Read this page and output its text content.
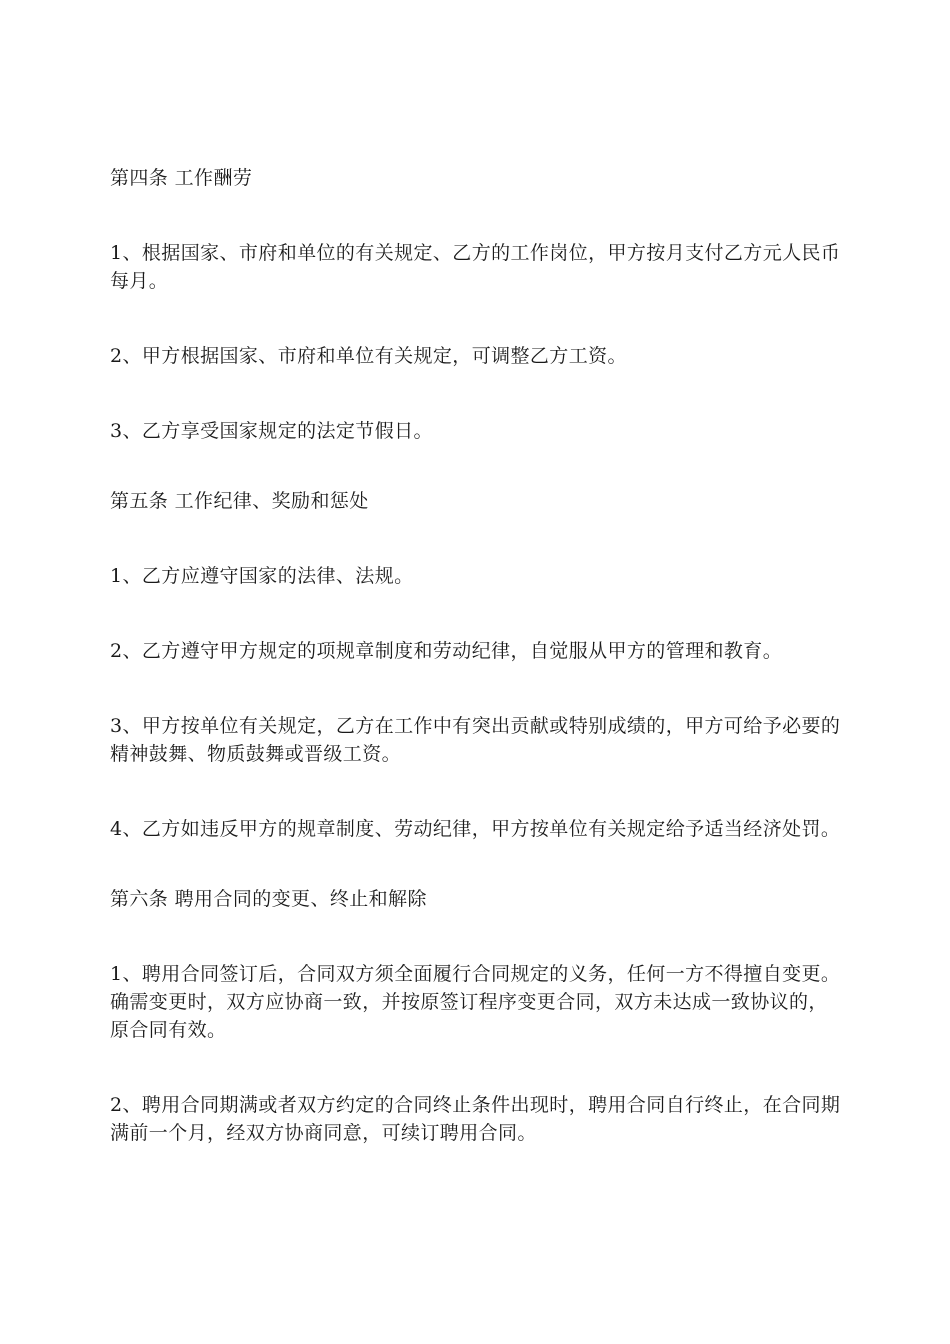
第四条 工作酬劳

1、根据国家、市府和单位的有关规定、乙方的工作岗位，甲方按月支付乙方元人民币每月。

2、甲方根据国家、市府和单位有关规定，可调整乙方工资。

3、乙方享受国家规定的法定节假日。

第五条 工作纪律、奖励和惩处

1、乙方应遵守国家的法律、法规。

2、乙方遵守甲方规定的项规章制度和劳动纪律，自觉服从甲方的管理和教育。

3、甲方按单位有关规定，乙方在工作中有突出贡献或特别成绩的，甲方可给予必要的精神鼓舞、物质鼓舞或晋级工资。

4、乙方如违反甲方的规章制度、劳动纪律，甲方按单位有关规定给予适当经济处罚。

第六条 聘用合同的变更、终止和解除

1、聘用合同签订后，合同双方须全面履行合同规定的义务，任何一方不得擅自变更。确需变更时，双方应协商一致，并按原签订程序变更合同，双方未达成一致协议的，原合同有效。

2、聘用合同期满或者双方约定的合同终止条件出现时，聘用合同自行终止，在合同期满前一个月，经双方协商同意，可续订聘用合同。
